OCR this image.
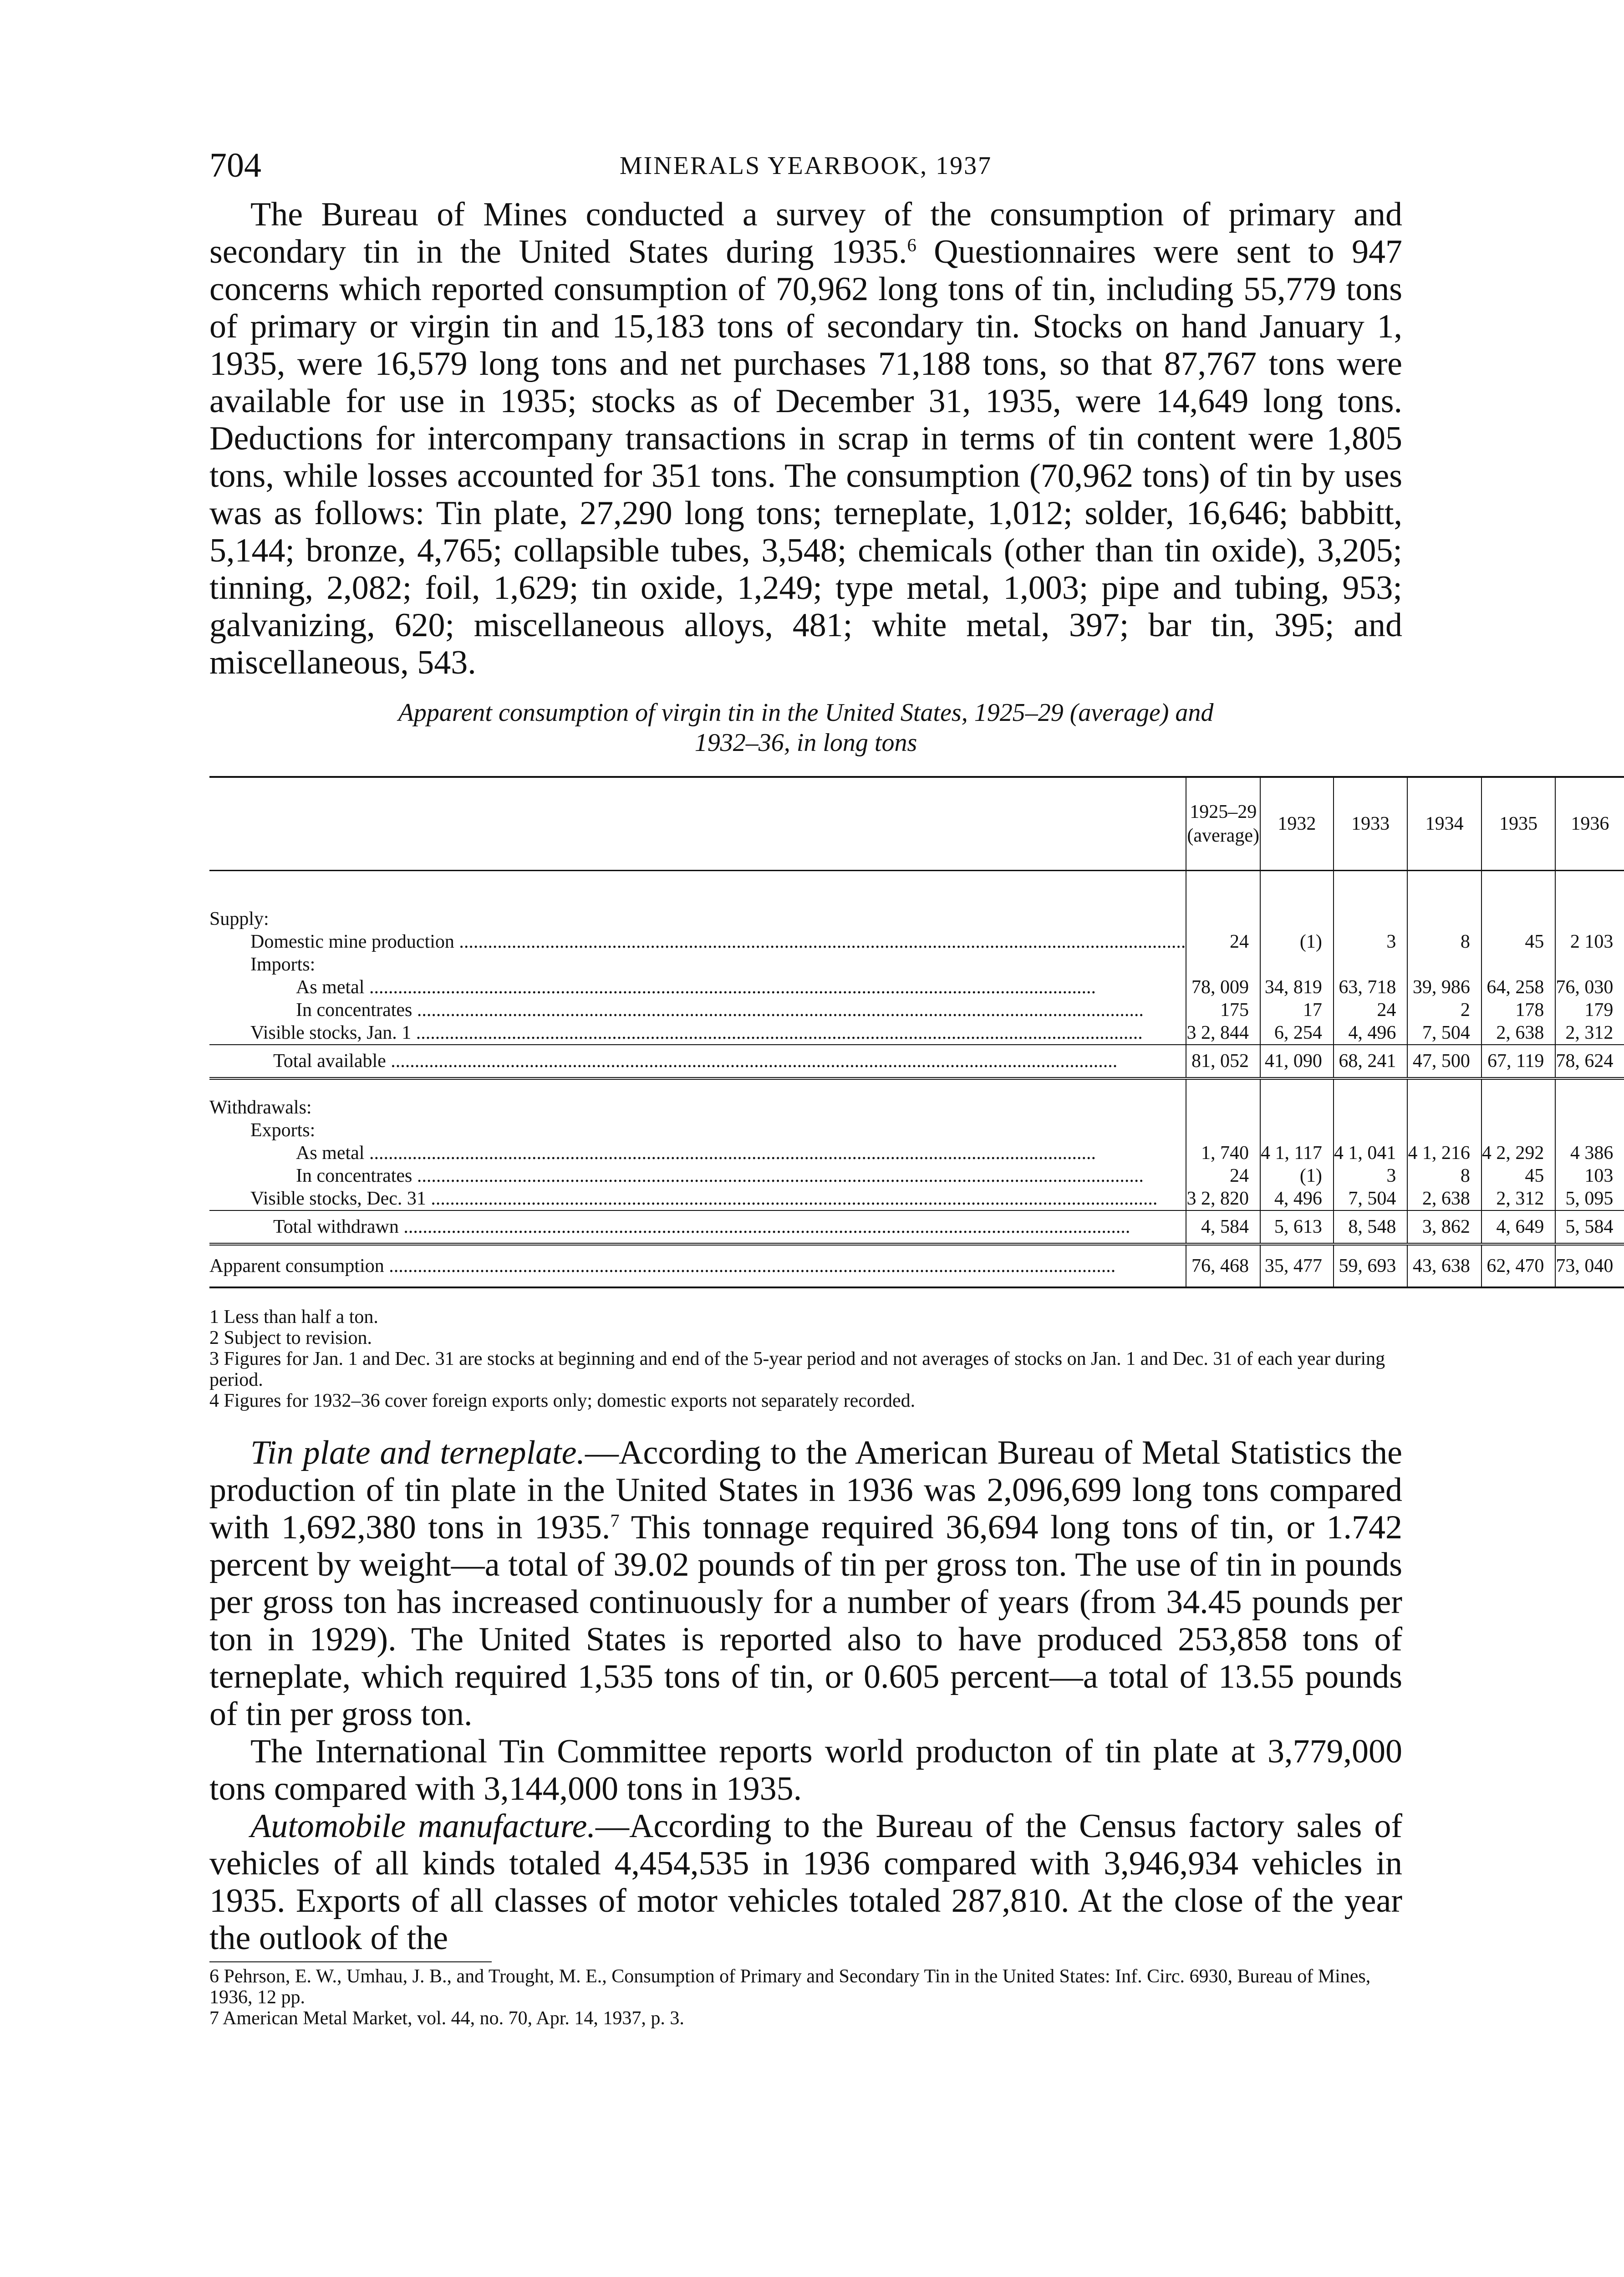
704	MINERALS YEARBOOK, 1937

The Bureau of Mines conducted a survey of the consumption of primary and secondary tin in the United States during 1935.$^6$ Questionnaires were sent to 947 concerns which reported consumption of 70,962 long tons of tin, including 55,779 tons of primary or virgin tin and 15,183 tons of secondary tin. Stocks on hand January 1, 1935, were 16,579 long tons and net purchases 71,188 tons, so that 87,767 tons were available for use in 1935; stocks as of December 31, 1935, were 14,649 long tons. Deductions for intercompany transactions in scrap in terms of tin content were 1,805 tons, while losses accounted for 351 tons. The consumption (70,962 tons) of tin by uses was as follows: Tin plate, 27,290 long tons; terneplate, 1,012; solder, 16,646; babbitt, 5,144; bronze, 4,765; collapsible tubes, 3,548; chemicals (other than tin oxide), 3,205; tinning, 2,082; foil, 1,629; tin oxide, 1,249; type metal, 1,003; pipe and tubing, 953; galvanizing, 620; miscellaneous alloys, 481; white metal, 397; bar tin, 395; and miscellaneous, 543.

Apparent consumption of virgin tin in the United States, 1925–29 (average) and
1932–36, in long tons
	1925–29
(average)	1932	1933	1934	1935	1936

Supply:						

Domestic mine production .....	24	(1)	3	8	45	2 103
Imports:						

As metal .....	78, 009	34, 819	63, 718	39, 986	64, 258	76, 030

In concentrates .....	175	17	24	2	178	179

Visible stocks, Jan. 1 .....	3 2, 844	6, 254	4, 496	7, 504	2, 638	2, 312

Total available .....	81, 052	41, 090	68, 241	47, 500	67, 119	78, 624

Withdrawals:						
Exports:						

As metal .....	1, 740	4 1, 117	4 1, 041	4 1, 216	4 2, 292	4 386

In concentrates .....	24	(1)	3	8	45	103

Visible stocks, Dec. 31 .....	3 2, 820	4, 496	7, 504	2, 638	2, 312	5, 095

Total withdrawn .....	4, 584	5, 613	8, 548	3, 862	4, 649	5, 584

Apparent consumption .....	76, 468	35, 477	59, 693	43, 638	62, 470	73, 040

1 Less than half a ton.

2 Subject to revision.

3 Figures for Jan. 1 and Dec. 31 are stocks at beginning and end of the 5-year period and not averages of stocks on Jan. 1 and Dec. 31 of each year during period.

4 Figures for 1932–36 cover foreign exports only; domestic exports not separately recorded.

Tin plate and terneplate.—According to the American Bureau of Metal Statistics the production of tin plate in the United States in 1936 was 2,096,699 long tons compared with 1,692,380 tons in 1935.$^7$ This tonnage required 36,694 long tons of tin, or 1.742 percent by weight—a total of 39.02 pounds of tin per gross ton. The use of tin in pounds per gross ton has increased continuously for a number of years (from 34.45 pounds per ton in 1929). The United States is reported also to have produced 253,858 tons of terneplate, which required 1,535 tons of tin, or 0.605 percent—a total of 13.55 pounds of tin per gross ton.

The International Tin Committee reports world producton of tin plate at 3,779,000 tons compared with 3,144,000 tons in 1935.

Automobile manufacture.—According to the Bureau of the Census factory sales of vehicles of all kinds totaled 4,454,535 in 1936 compared with 3,946,934 vehicles in 1935. Exports of all classes of motor vehicles totaled 287,810. At the close of the year the outlook of the

6 Pehrson, E. W., Umhau, J. B., and Trought, M. E., Consumption of Primary and Secondary Tin in the United States: Inf. Circ. 6930, Bureau of Mines, 1936, 12 pp.

7 American Metal Market, vol. 44, no. 70, Apr. 14, 1937, p. 3.
